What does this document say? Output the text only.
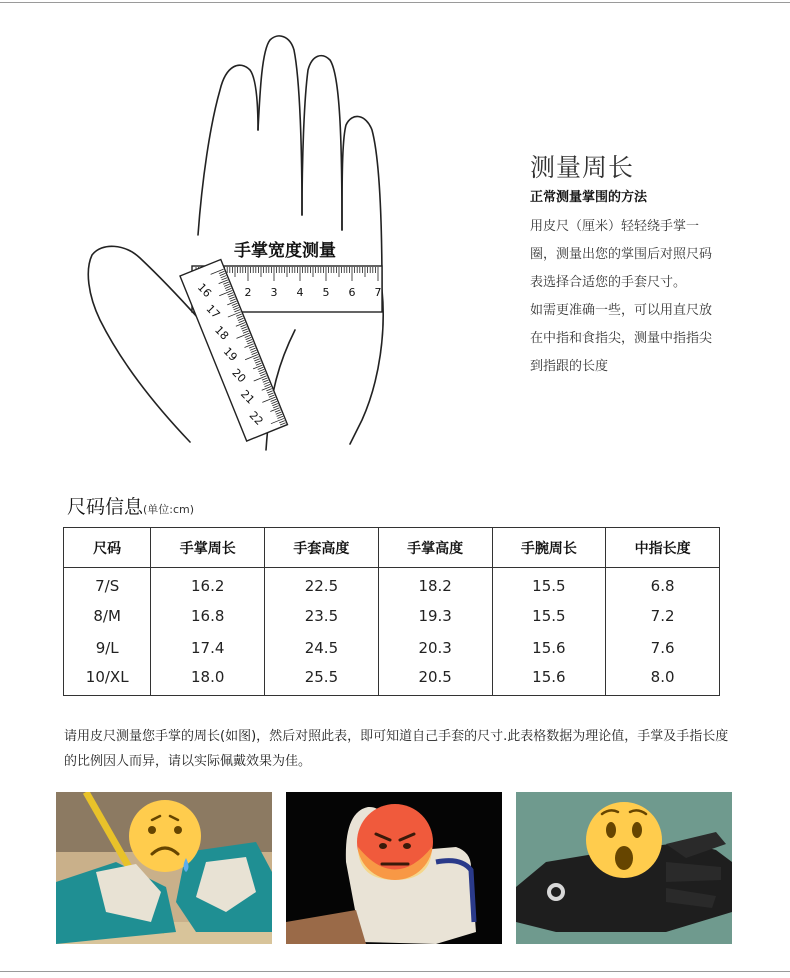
手掌宽度测量
2 3 4 5 6 7
16
17
18
19
20
21
22
测量周长
正常测量掌围的方法
用皮尺（厘米）轻轻绕手掌一圈，测量出您的掌围后对照尺码表选择合适您的手套尺寸。
如需更准确一些，可以用直尺放在中指和食指尖，测量中指指尖到指跟的长度
尺码信息(单位:cm)
尺码	手掌周长	手套高度	手掌高度	手腕周长	中指长度
7/S	16.2	22.5	18.2	15.5	6.8
8/M	16.8	23.5	19.3	15.5	7.2
9/L	17.4	24.5	20.3	15.6	7.6
10/XL	18.0	25.5	20.5	15.6	8.0
请用皮尺测量您手掌的周长(如图)，然后对照此表，即可知道自己手套的尺寸.此表格数据为理论值，手掌及手指长度的比例因人而异，请以实际佩戴效果为佳。
